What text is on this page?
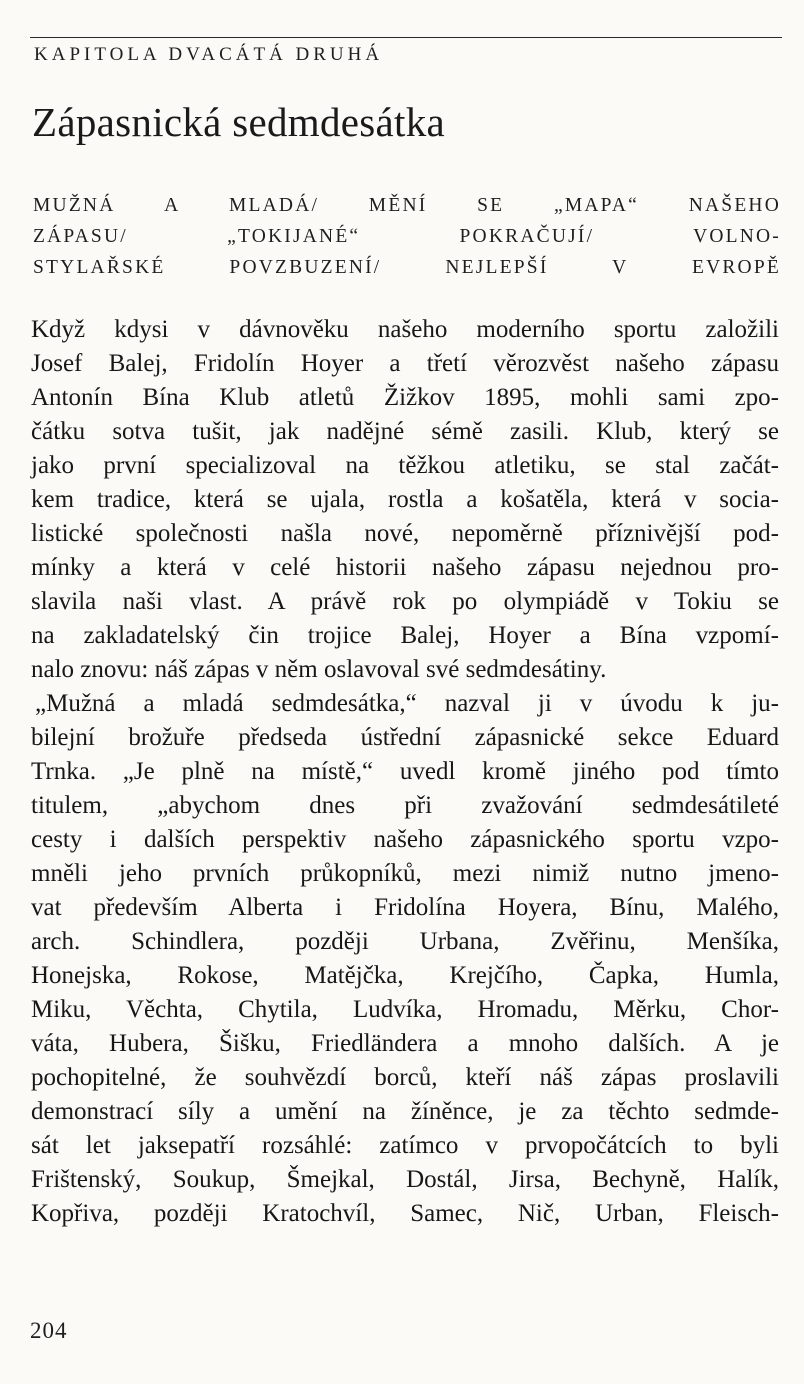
KAPITOLA DVACÁTÁ DRUHÁ
Zápasnická sedmdesátka
MUŽNÁ A MLADÁ/ MĚNÍ SE „MAPA“ NAŠEHO
ZÁPASU/ „TOKIJANÉ“ POKRAČUJÍ/ VOLNO-
STYLAŘSKÉ POVZBUZENÍ/ NEJLEPŠÍ V EVROPĚ
Když kdysi v dávnověku našeho moderního sportu založili
Josef Balej, Fridolín Hoyer a třetí věrozvěst našeho zápasu
Antonín Bína Klub atletů Žižkov 1895, mohli sami zpo-
čátku sotva tušit, jak nadějné sémě zasili. Klub, který se
jako první specializoval na těžkou atletiku, se stal začát-
kem tradice, která se ujala, rostla a košatěla, která v socia-
listické společnosti našla nové, nepoměrně příznivější pod-
mínky a která v celé historii našeho zápasu nejednou pro-
slavila naši vlast. A právě rok po olympiádě v Tokiu se
na zakladatelský čin trojice Balej, Hoyer a Bína vzpomí-
nalo znovu: náš zápas v něm oslavoval své sedmdesátiny.
„Mužná a mladá sedmdesátka,“ nazval ji v úvodu k ju-
bilejní brožuře předseda ústřední zápasnické sekce Eduard
Trnka. „Je plně na místě,“ uvedl kromě jiného pod tímto
titulem, „abychom dnes při zvažování sedmdesátileté
cesty i dalších perspektiv našeho zápasnického sportu vzpo-
mněli jeho prvních průkopníků, mezi nimiž nutno jmeno-
vat především Alberta i Fridolína Hoyera, Bínu, Malého,
arch. Schindlera, později Urbana, Zvěřinu, Menšíka,
Honejska, Rokose, Matějčka, Krejčího, Čapka, Humla,
Miku, Věchta, Chytila, Ludvíka, Hromadu, Měrku, Chor-
váta, Hubera, Šišku, Friedländera a mnoho dalších. A je
pochopitelné, že souhvězdí borců, kteří náš zápas proslavili
demonstrací síly a umění na žíněnce, je za těchto sedmde-
sát let jaksepatří rozsáhlé: zatímco v prvopočátcích to byli
Frištenský, Soukup, Šmejkal, Dostál, Jirsa, Bechyně, Halík,
Kopřiva, později Kratochvíl, Samec, Nič, Urban, Fleisch-
204
